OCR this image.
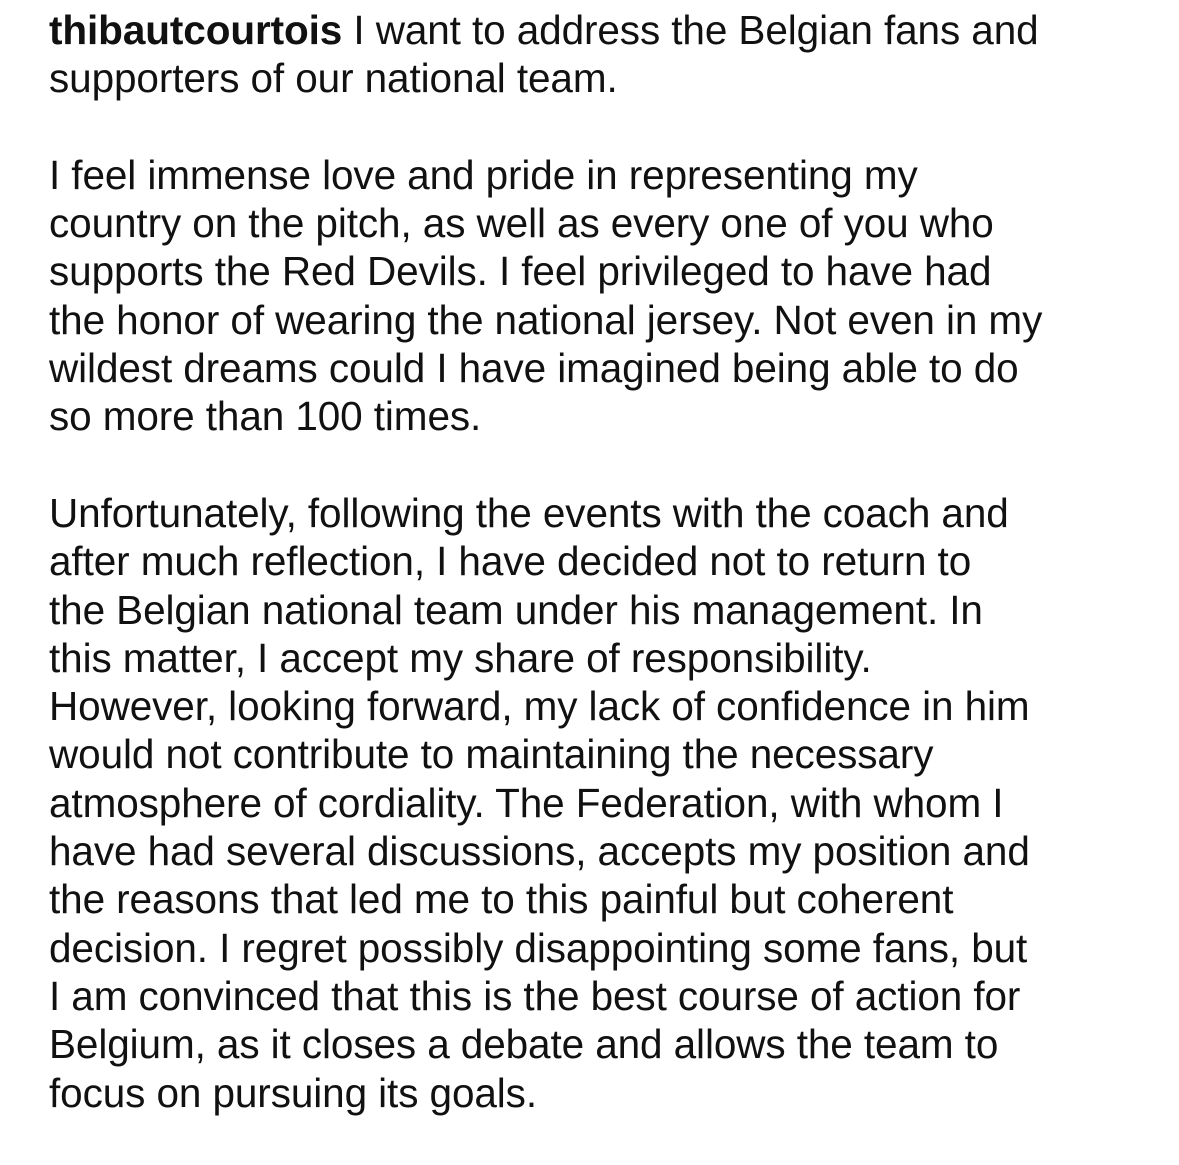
thibautcourtois I want to address the Belgian fans and
supporters of our national team.
I feel immense love and pride in representing my
country on the pitch, as well as every one of you who
supports the Red Devils. I feel privileged to have had
the honor of wearing the national jersey. Not even in my
wildest dreams could I have imagined being able to do
so more than 100 times.
Unfortunately, following the events with the coach and
after much reflection, I have decided not to return to
the Belgian national team under his management. In
this matter, I accept my share of responsibility.
However, looking forward, my lack of confidence in him
would not contribute to maintaining the necessary
atmosphere of cordiality. The Federation, with whom I
have had several discussions, accepts my position and
the reasons that led me to this painful but coherent
decision. I regret possibly disappointing some fans, but
I am convinced that this is the best course of action for
Belgium, as it closes a debate and allows the team to
focus on pursuing its goals.
